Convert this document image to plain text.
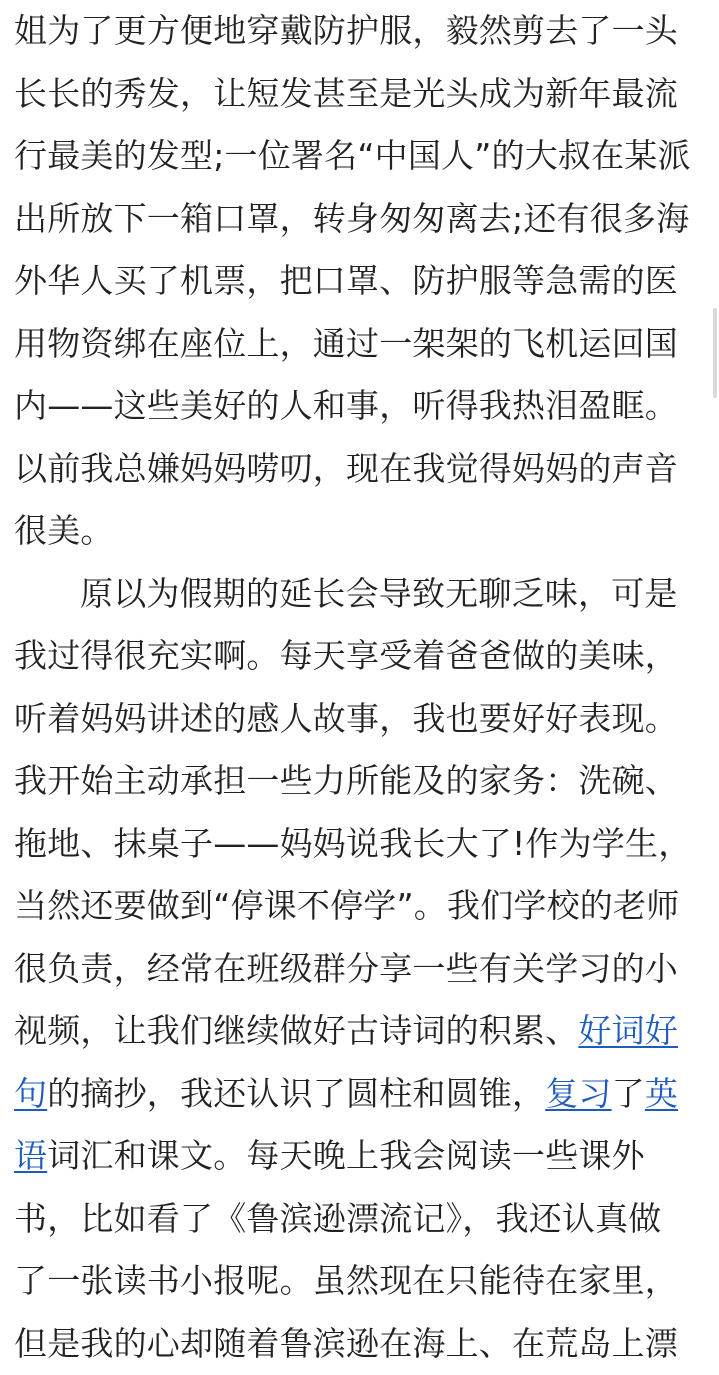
姐为了更方便地穿戴防护服，毅然剪去了一头
长长的秀发，让短发甚至是光头成为新年最流
行最美的发型;一位署名“中国人”的大叔在某派
出所放下一箱口罩，转身匆匆离去;还有很多海
外华人买了机票，把口罩、防护服等急需的医
用物资绑在座位上，通过一架架的飞机运回国
内——这些美好的人和事，听得我热泪盈眶。
以前我总嫌妈妈唠叨，现在我觉得妈妈的声音
很美。

原以为假期的延长会导致无聊乏味，可是
我过得很充实啊。每天享受着爸爸做的美味，
听着妈妈讲述的感人故事，我也要好好表现。
我开始主动承担一些力所能及的家务：洗碗、
拖地、抹桌子——妈妈说我长大了!作为学生，
当然还要做到“停课不停学”。我们学校的老师
很负责，经常在班级群分享一些有关学习的小
视频，让我们继续做好古诗词的积累、好词好
句的摘抄，我还认识了圆柱和圆锥，复习了英
语词汇和课文。每天晚上我会阅读一些课外
书，比如看了《鲁滨逊漂流记》，我还认真做
了一张读书小报呢。虽然现在只能待在家里，
但是我的心却随着鲁滨逊在海上、在荒岛上漂
